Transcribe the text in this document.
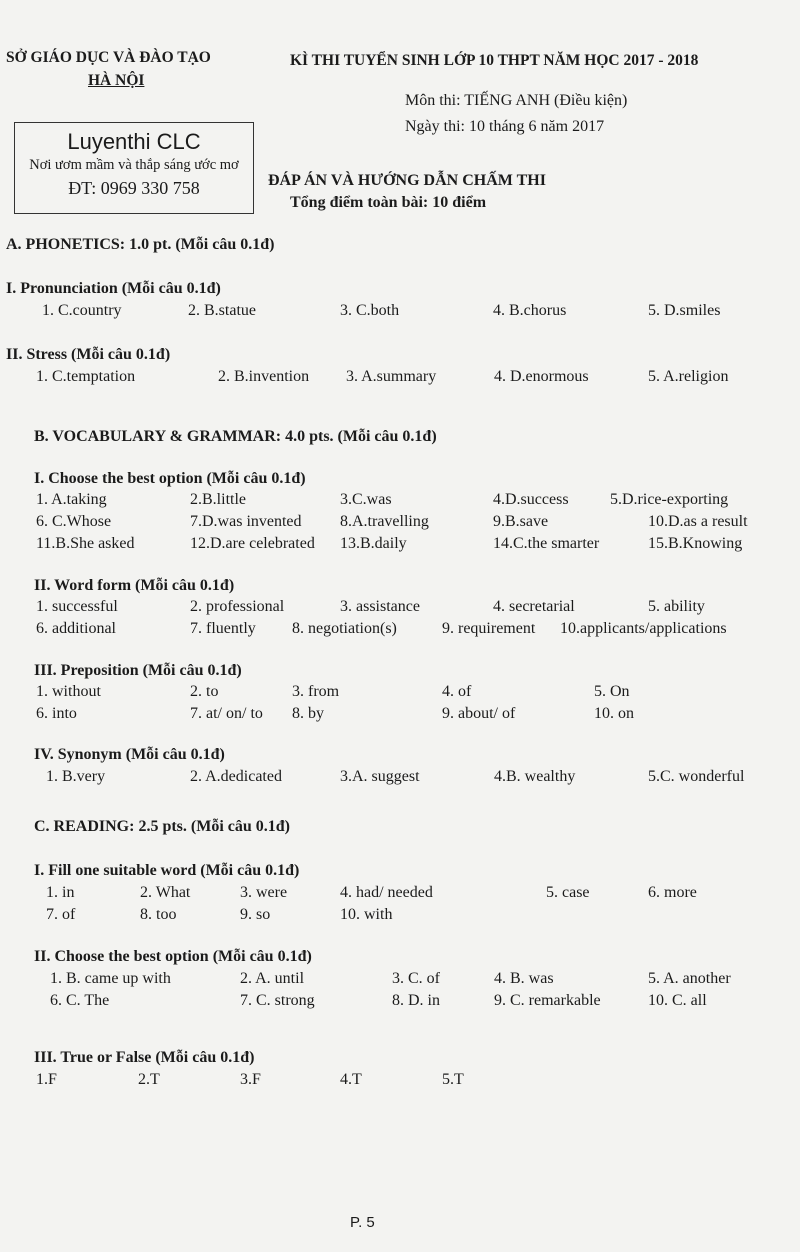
SỞ GIÁO DỤC VÀ ĐÀO TẠO
HÀ NỘI
KÌ THI TUYỂN SINH LỚP 10 THPT NĂM HỌC 2017 - 2018
Môn thi: TIẾNG ANH (Điều kiện)
Ngày thi: 10 tháng 6 năm 2017
Luyenthi CLC
Nơi ươm mầm và thắp sáng ước mơ
ĐT: 0969 330 758	ĐÁP ÁN VÀ HƯỚNG DẪN CHẤM THI
Tổng điểm toàn bài: 10 điểm
A. PHONETICS: 1.0 pt. (Mỗi câu 0.1đ)
I. Pronunciation (Mỗi câu 0.1đ)
1. C.country	2. B.statue	3. C.both	4. B.chorus	5. D.smiles
II. Stress (Mỗi câu 0.1đ)
1. C.temptation	2. B.invention 3. A.summary	4. D.enormous	5. A.religion
B. VOCABULARY & GRAMMAR: 4.0 pts. (Mỗi câu 0.1đ)
I. Choose the best option (Mỗi câu 0.1đ)
1. A.taking	2.B.little	3.C.was	4.D.success	5.D.rice-exporting
6. C.Whose	7.D.was invented 8.A.travelling	9.B.save	10.D.as a result
11.B.She asked	12.D.are celebrated 13.B.daily	14.C.the smarter	15.B.Knowing
II. Word form (Mỗi câu 0.1đ)
1. successful	2. professional	3. assistance	4. secretarial	5. ability
6. additional	7. fluently 8. negotiation(s)	9. requirement 10.applicants/applications
III. Preposition (Mỗi câu 0.1đ)
1. without	2. to	3. from	4. of	5. On
6. into	7. at/ on/ to 8. by	9. about/ of	10. on
IV. Synonym (Mỗi câu 0.1đ)
1. B.very	2. A.dedicated	3.A. suggest	4.B. wealthy	5.C. wonderful
C. READING: 2.5 pts. (Mỗi câu 0.1đ)
I. Fill one suitable word (Mỗi câu 0.1đ)
1. in	2. What	3. were	4. had/ needed	5. case	6. more
7. of	8. too	9. so	10. with
II. Choose the best option (Mỗi câu 0.1đ)
1. B. came up with	2. A. until	3. C. of	4. B. was	5. A. another
6. C. The	7. C. strong	8. D. in	9. C. remarkable	10. C. all
III. True or False (Mỗi câu 0.1đ)
1.F	2.T	3.F	4.T	5.T
P. 5
